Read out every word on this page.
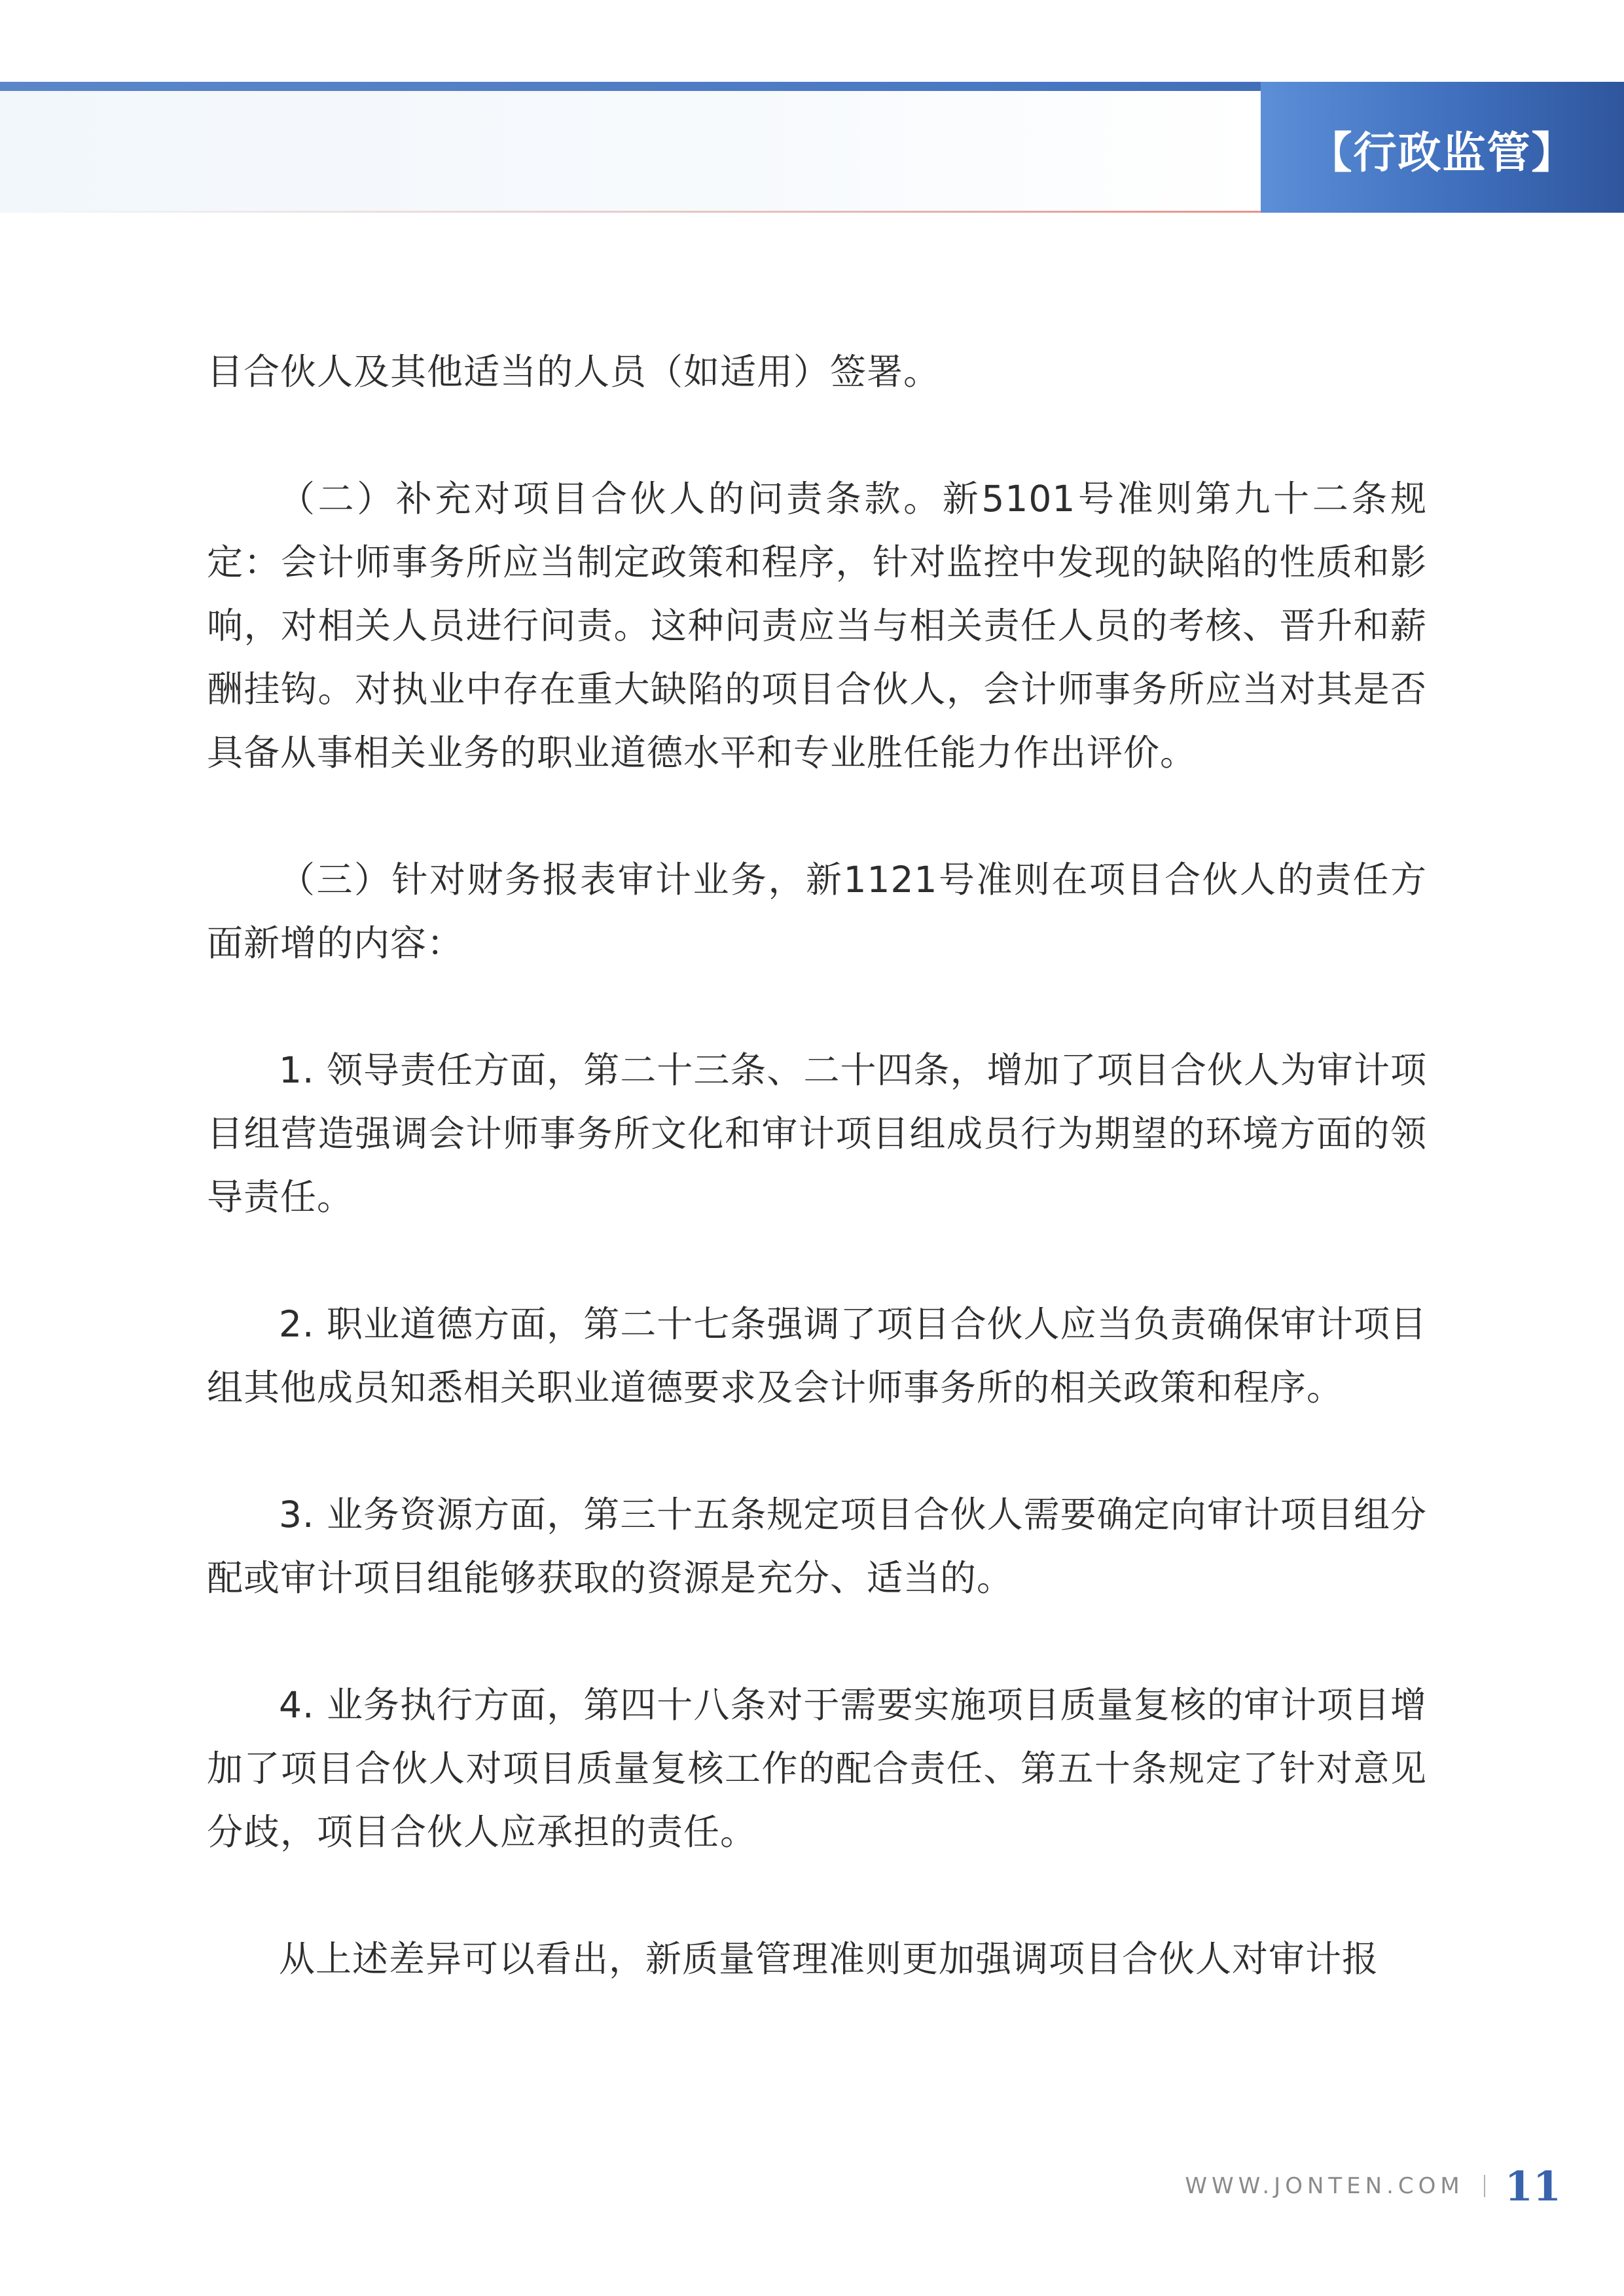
【行政监管】

目合伙人及其他适当的人员（如适用）签署。

（二）补充对项目合伙人的问责条款。新5101号准则第九十二条规定：会计师事务所应当制定政策和程序，针对监控中发现的缺陷的性质和影响，对相关人员进行问责。这种问责应当与相关责任人员的考核、晋升和薪酬挂钩。对执业中存在重大缺陷的项目合伙人，会计师事务所应当对其是否具备从事相关业务的职业道德水平和专业胜任能力作出评价。

（三）针对财务报表审计业务，新1121号准则在项目合伙人的责任方面新增的内容：

1. 领导责任方面，第二十三条、二十四条，增加了项目合伙人为审计项目组营造强调会计师事务所文化和审计项目组成员行为期望的环境方面的领导责任。

2. 职业道德方面，第二十七条强调了项目合伙人应当负责确保审计项目组其他成员知悉相关职业道德要求及会计师事务所的相关政策和程序。

3. 业务资源方面，第三十五条规定项目合伙人需要确定向审计项目组分配或审计项目组能够获取的资源是充分、适当的。

4. 业务执行方面，第四十八条对于需要实施项目质量复核的审计项目增加了项目合伙人对项目质量复核工作的配合责任、第五十条规定了针对意见分歧，项目合伙人应承担的责任。

从上述差异可以看出，新质量管理准则更加强调项目合伙人对审计报

WWW.JONTEN.COM 11
